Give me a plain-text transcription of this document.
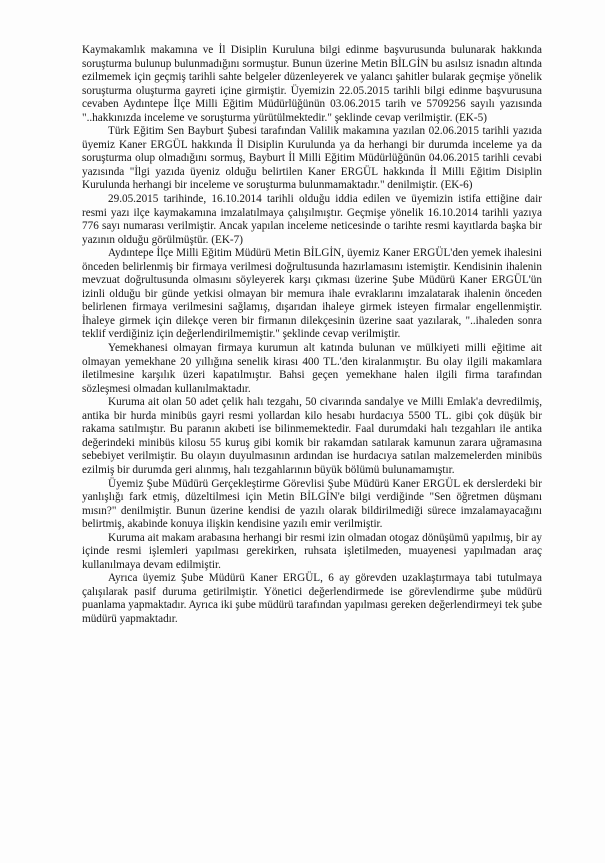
Kaymakamlık makamına ve İl Disiplin Kuruluna bilgi edinme başvurusunda bulunarak hakkında soruşturma bulunup bulunmadığını sormuştur. Bunun üzerine Metin BİLGİN bu asılsız isnadın altında ezilmemek için geçmiş tarihli sahte belgeler düzenleyerek ve yalancı şahitler bularak geçmişe yönelik soruşturma oluşturma gayreti içine girmiştir. Üyemizin 22.05.2015 tarihli bilgi edinme başvurusuna cevaben Aydıntepe İlçe Milli Eğitim Müdürlüğünün 03.06.2015 tarih ve 5709256 sayılı yazısında "..hakkınızda inceleme ve soruşturma yürütülmektedir." şeklinde cevap verilmiştir. (EK-5)

Türk Eğitim Sen Bayburt Şubesi tarafından Valilik makamına yazılan 02.06.2015 tarihli yazıda üyemiz Kaner ERGÜL hakkında İl Disiplin Kurulunda ya da herhangi bir durumda inceleme ya da soruşturma olup olmadığını sormuş, Bayburt İl Milli Eğitim Müdürlüğünün 04.06.2015 tarihli cevabi yazısında "İlgi yazıda üyeniz olduğu belirtilen Kaner ERGÜL hakkında İl Milli Eğitim Disiplin Kurulunda herhangi bir inceleme ve soruşturma bulunmamaktadır." denilmiştir. (EK-6)

29.05.2015 tarihinde, 16.10.2014 tarihli olduğu iddia edilen ve üyemizin istifa ettiğine dair resmi yazı ilçe kaymakamına imzalatılmaya çalışılmıştır. Geçmişe yönelik 16.10.2014 tarihli yazıya 776 sayı numarası verilmiştir. Ancak yapılan inceleme neticesinde o tarihte resmi kayıtlarda başka bir yazının olduğu görülmüştür. (EK-7)

Aydıntepe İlçe Milli Eğitim Müdürü Metin BİLGİN, üyemiz Kaner ERGÜL'den yemek ihalesini önceden belirlenmiş bir firmaya verilmesi doğrultusunda hazırlamasını istemiştir. Kendisinin ihalenin mevzuat doğrultusunda olmasını söyleyerek karşı çıkması üzerine Şube Müdürü Kaner ERGÜL'ün izinli olduğu bir günde yetkisi olmayan bir memura ihale evraklarını imzalatarak ihalenin önceden belirlenen firmaya verilmesini sağlamış, dışarıdan ihaleye girmek isteyen firmalar engellenmiştir. İhaleye girmek için dilekçe veren bir firmanın dilekçesinin üzerine saat yazılarak, "..ihaleden sonra teklif verdiğiniz için değerlendirilmemiştir." şeklinde cevap verilmiştir.

Yemekhanesi olmayan firmaya kurumun alt katında bulunan ve mülkiyeti milli eğitime ait olmayan yemekhane 20 yıllığına senelik kirası 400 TL.'den kiralanmıştır. Bu olay ilgili makamlara iletilmesine karşılık üzeri kapatılmıştır. Bahsi geçen yemekhane halen ilgili firma tarafından sözleşmesi olmadan kullanılmaktadır.

Kuruma ait olan 50 adet çelik halı tezgahı, 50 civarında sandalye ve Milli Emlak'a devredilmiş, antika bir hurda minibüs gayri resmi yollardan kilo hesabı hurdacıya 5500 TL. gibi çok düşük bir rakama satılmıştır. Bu paranın akıbeti ise bilinmemektedir. Faal durumdaki halı tezgahları ile antika değerindeki minibüs kilosu 55 kuruş gibi komik bir rakamdan satılarak kamunun zarara uğramasına sebebiyet verilmiştir. Bu olayın duyulmasının ardından ise hurdacıya satılan malzemelerden minibüs ezilmiş bir durumda geri alınmış, halı tezgahlarının büyük bölümü bulunamamıştır.

Üyemiz Şube Müdürü Gerçekleştirme Görevlisi Şube Müdürü Kaner ERGÜL ek derslerdeki bir yanlışlığı fark etmiş, düzeltilmesi için Metin BİLGİN'e bilgi verdiğinde "Sen öğretmen düşmanı mısın?" denilmiştir. Bunun üzerine kendisi de yazılı olarak bildirilmediği sürece imzalamayacağını belirtmiş, akabinde konuya ilişkin kendisine yazılı emir verilmiştir.

Kuruma ait makam arabasına herhangi bir resmi izin olmadan otogaz dönüşümü yapılmış, bir ay içinde resmi işlemleri yapılması gerekirken, ruhsata işletilmeden, muayenesi yapılmadan araç kullanılmaya devam edilmiştir.

Ayrıca üyemiz Şube Müdürü Kaner ERGÜL, 6 ay görevden uzaklaştırmaya tabi tutulmaya çalışılarak pasif duruma getirilmiştir. Yönetici değerlendirmede ise görevlendirme şube müdürü puanlama yapmaktadır. Ayrıca iki şube müdürü tarafından yapılması gereken değerlendirmeyi tek şube müdürü yapmaktadır.
